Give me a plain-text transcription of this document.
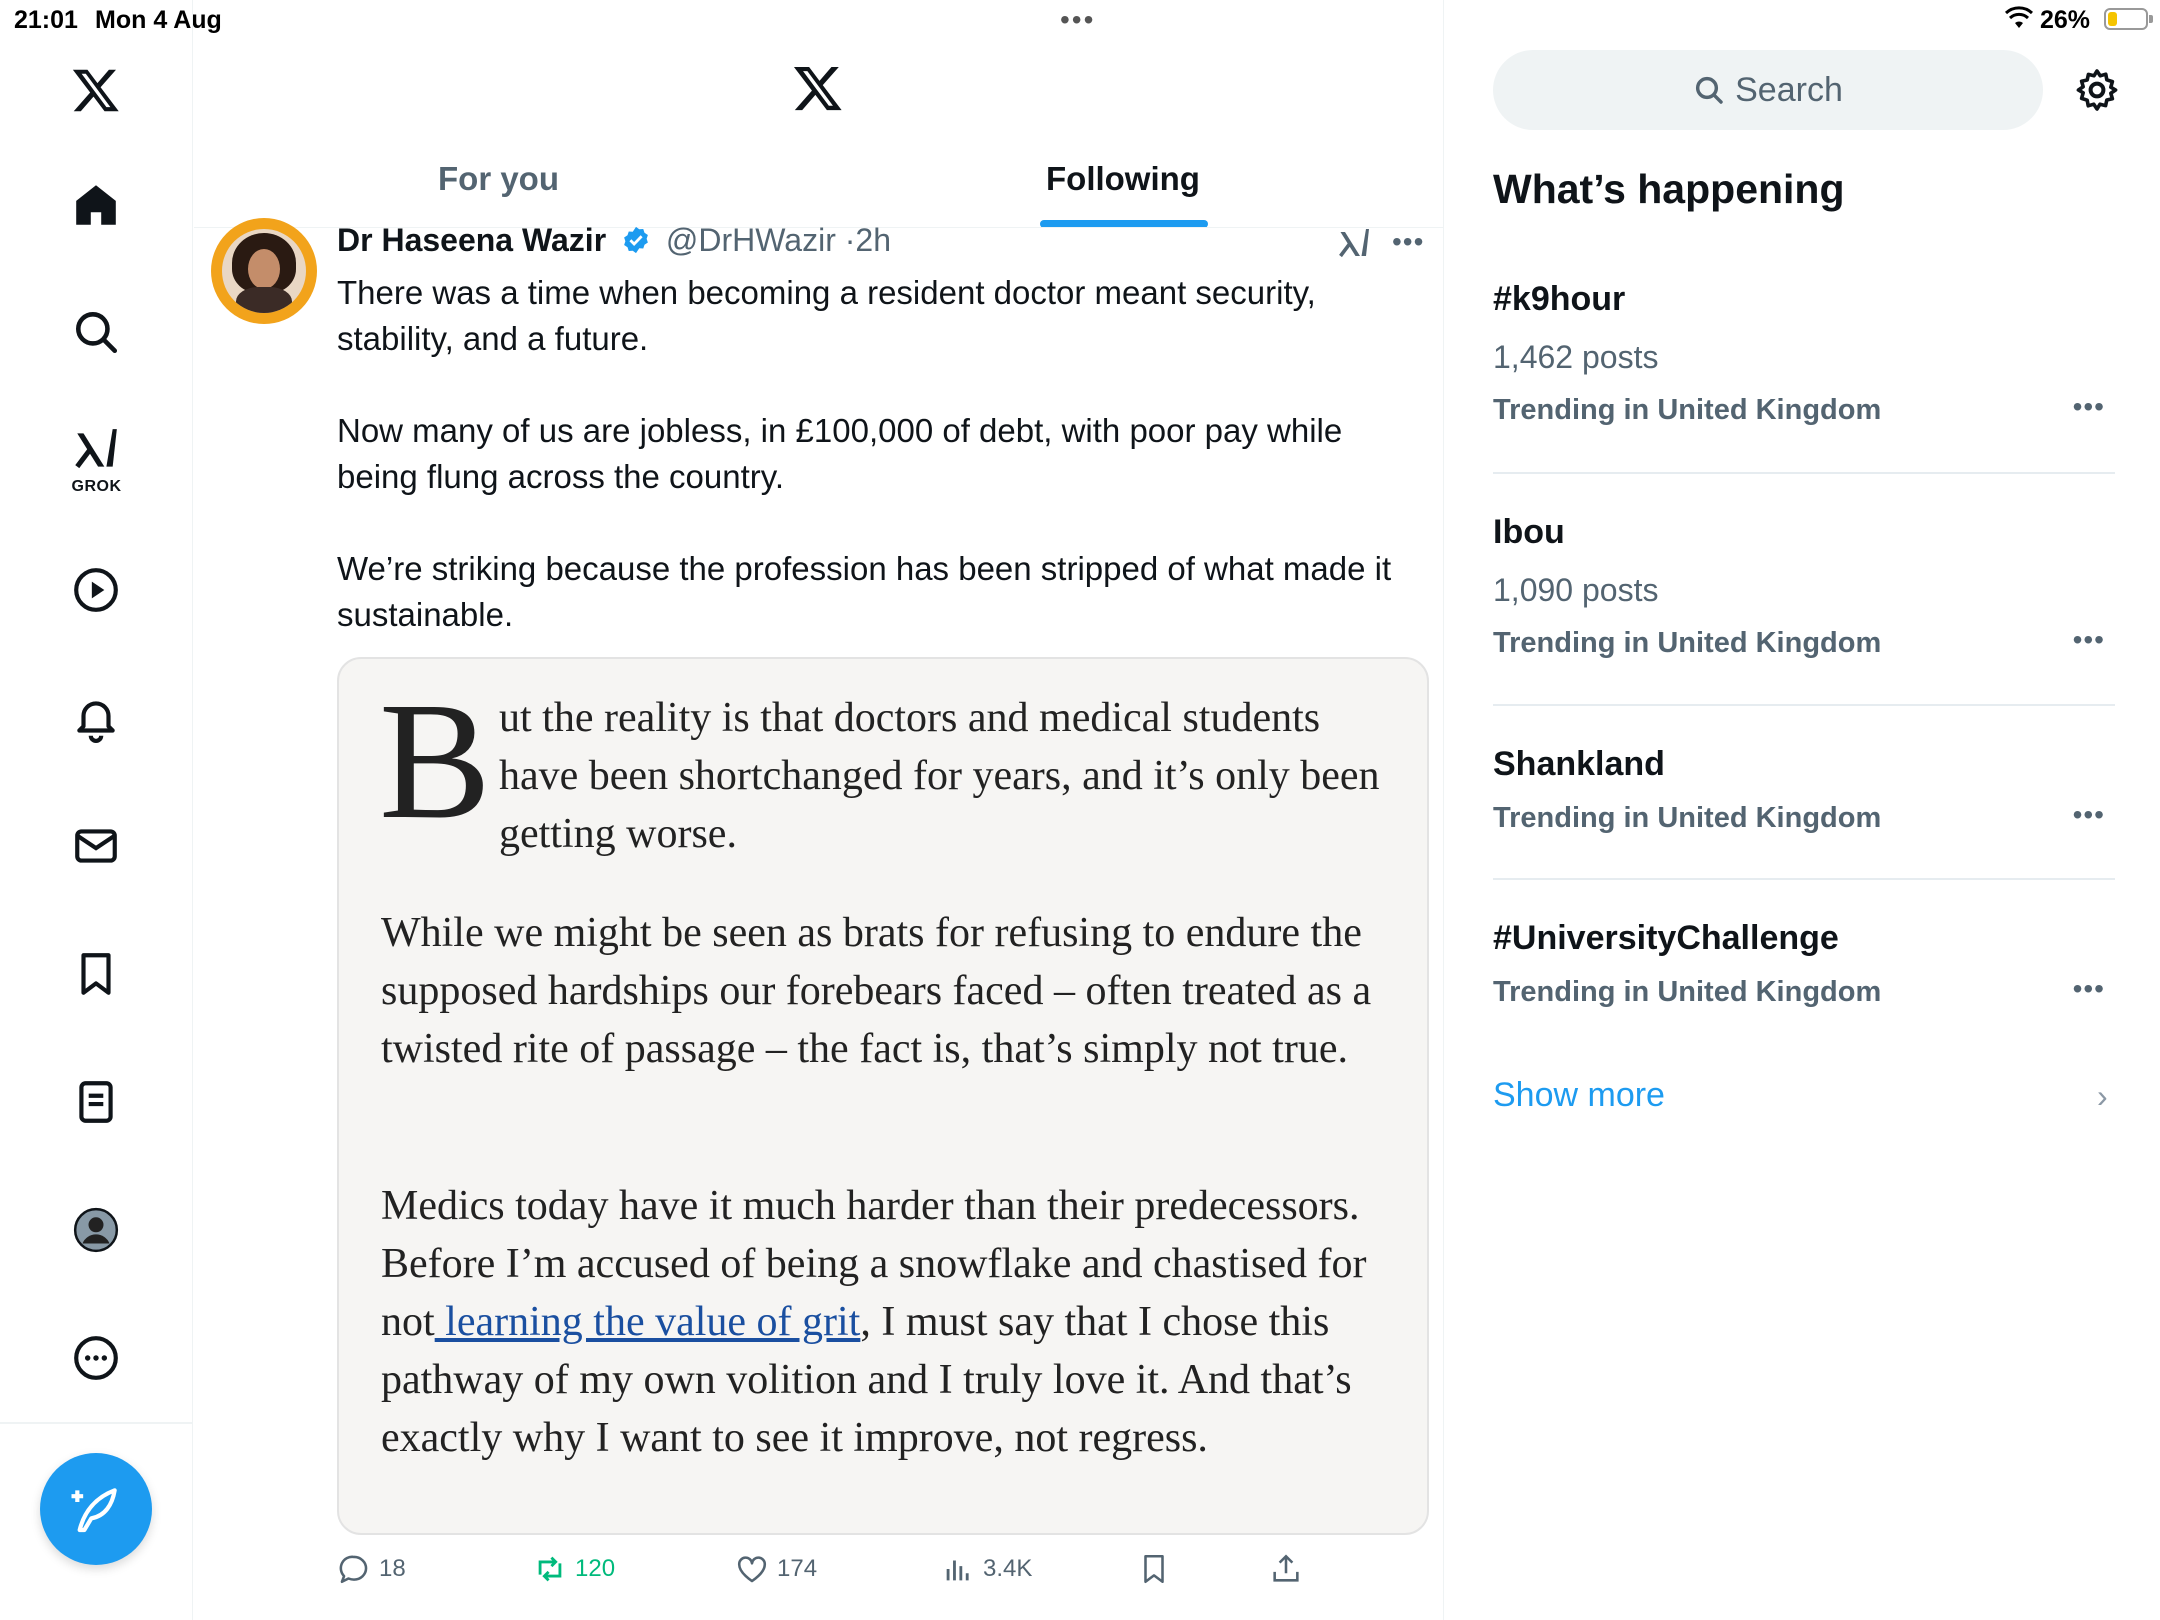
21:01 Mon 4 Aug	•••	26%
GROK
For you	Following
Dr Haseena Wazir @DrHWazir ·2h	•••

There was a time when becoming a resident doctor meant security, stability, and a future.

Now many of us are jobless, in £100,000 of debt, with poor pay while being flung across the country.

We’re striking because the profession has been stripped of what made it sustainable.

B ut the reality is that doctors and medical students have been shortchanged for years, and it’s only been getting worse.
While we might be seen as brats for refusing to endure the supposed hardships our forebears faced – often treated as a twisted rite of passage – the fact is, that’s simply not true.
Medics today have it much harder than their predecessors. Before I’m accused of being a snowflake and chastised for not learning the value of grit, I must say that I chose this pathway of my own volition and I truly love it. And that’s exactly why I want to see it improve, not regress.
18	120	174	3.4K
Search
What’s happening
#k9hour
1,462 posts
Trending in United Kingdom	•••
Ibou
1,090 posts
Trending in United Kingdom	•••
Shankland
Trending in United Kingdom	•••
#UniversityChallenge
Trending in United Kingdom	•••
Show more	›
